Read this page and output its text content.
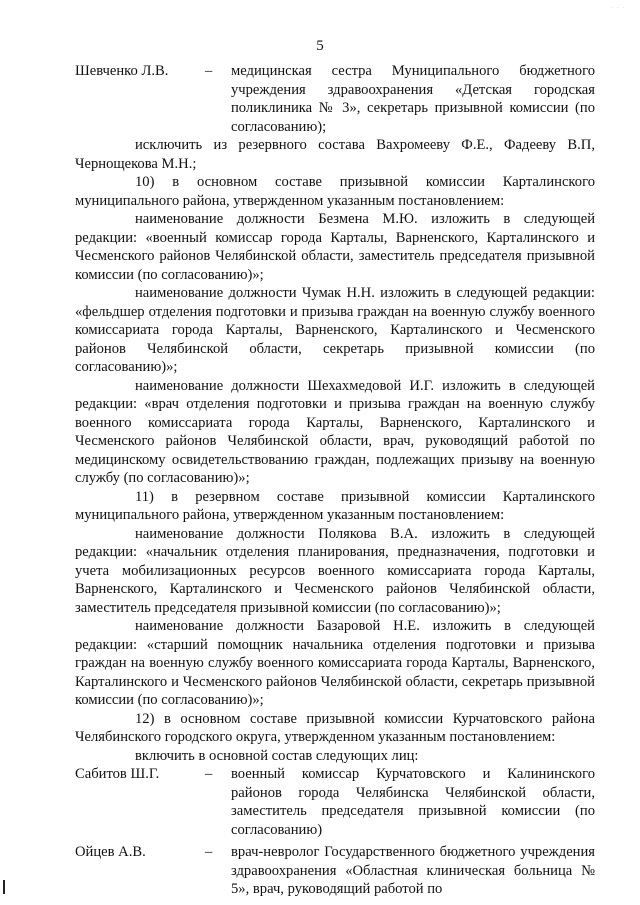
· · ·
5
Шевченко Л.В.	–	медицинская сестра Муниципального бюджетного учреждения здравоохранения «Детская городская поликлиника № 3», секретарь призывной комиссии (по согласованию);

исключить из резервного состава Вахромееву Ф.Е., Фадееву В.П, Чернощекова М.Н.;

10) в основном составе призывной комиссии Карталинского муниципального района, утвержденном указанным постановлением:

наименование должности Безмена М.Ю. изложить в следующей редакции: «военный комиссар города Карталы, Варненского, Карталинского и Чесменского районов Челябинской области, заместитель председателя призывной комиссии (по согласованию)»;

наименование должности Чумак Н.Н. изложить в следующей редакции: «фельдшер отделения подготовки и призыва граждан на военную службу военного комиссариата города Карталы, Варненского, Карталинского и Чесменского районов Челябинской области, секретарь призывной комиссии (по согласованию)»;

наименование должности Шехахмедовой И.Г. изложить в следующей редакции: «врач отделения подготовки и призыва граждан на военную службу военного комиссариата города Карталы, Варненского, Карталинского и Чесменского районов Челябинской области, врач, руководящий работой по медицинскому освидетельствованию граждан, подлежащих призыву на военную службу (по согласованию)»;

11) в резервном составе призывной комиссии Карталинского муниципального района, утвержденном указанным постановлением:

наименование должности Полякова В.А. изложить в следующей редакции: «начальник отделения планирования, предназначения, подготовки и учета мобилизационных ресурсов военного комиссариата города Карталы, Варненского, Карталинского и Чесменского районов Челябинской области, заместитель председателя призывной комиссии (по согласованию)»;

наименование должности Базаровой Н.Е. изложить в следующей редакции: «старший помощник начальника отделения подготовки и призыва граждан на военную службу военного комиссариата города Карталы, Варненского, Карталинского и Чесменского районов Челябинской области, секретарь призывной комиссии (по согласованию)»;

12) в основном составе призывной комиссии Курчатовского района Челябинского городского округа, утвержденном указанным постановлением:

включить в основной состав следующих лиц:

Сабитов Ш.Г.	–	военный комиссар Курчатовского и Калининского районов города Челябинска Челябинской области, заместитель председателя призывной комиссии (по согласованию)
Ойцев А.В.	–	врач-невролог Государственного бюджетного учреждения здравоохранения «Областная клиническая больница № 5», врач, руководящий работой по
